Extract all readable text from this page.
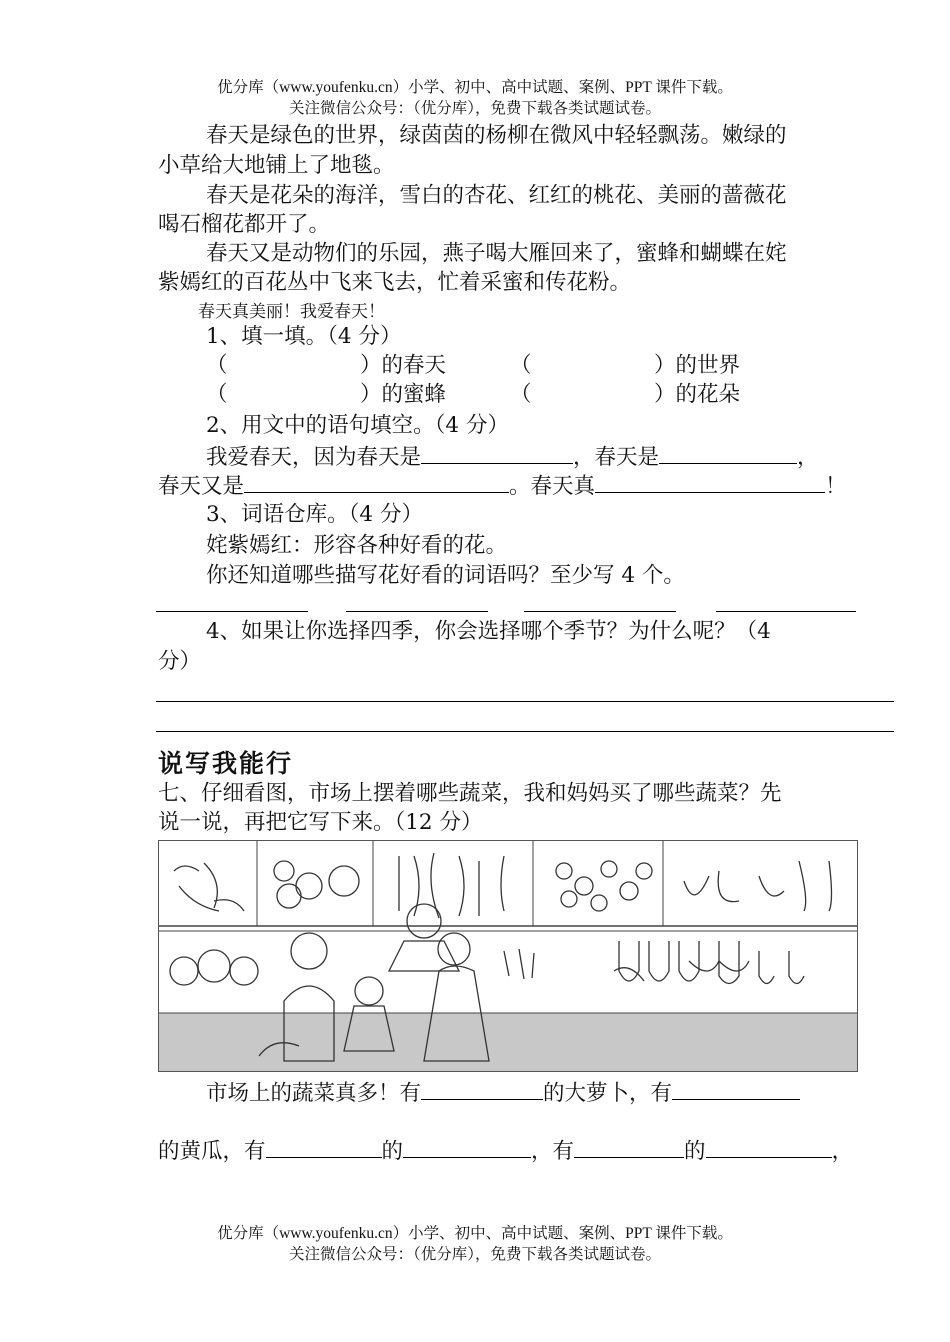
优分库（www.youfenku.cn）小学、初中、高中试题、案例、PPT 课件下载。
关注微信公众号：（优分库），免费下载各类试题试卷。
春天是绿色的世界，绿茵茵的杨柳在微风中轻轻飘荡。嫩绿的
小草给大地铺上了地毯。
春天是花朵的海洋，雪白的杏花、红红的桃花、美丽的蔷薇花
喝石榴花都开了。
春天又是动物们的乐园，燕子喝大雁回来了，蜜蜂和蝴蝶在姹
紫嫣红的百花丛中飞来飞去，忙着采蜜和传花粉。
春天真美丽！我爱春天！
1、填一填。（4 分）
（	）的春天	（	）的世界
（	）的蜜蜂	（	）的花朵
2、用文中的语句填空。（4 分）
我爱春天，因为春天是	，春天是	，
春天又是	。春天真	！
3、词语仓库。（4 分）
姹紫嫣红：形容各种好看的花。
你还知道哪些描写花好看的词语吗？至少写 4 个。
4、如果让你选择四季，你会选择哪个季节？为什么呢？（4
分）
说写我能行
七、仔细看图，市场上摆着哪些蔬菜，我和妈妈买了哪些蔬菜？先
说一说，再把它写下来。（12 分）
市场上的蔬菜真多！有	的大萝卜，有
的黄瓜，有	的	，有	的	，
优分库（www.youfenku.cn）小学、初中、高中试题、案例、PPT 课件下载。
关注微信公众号：（优分库），免费下载各类试题试卷。
